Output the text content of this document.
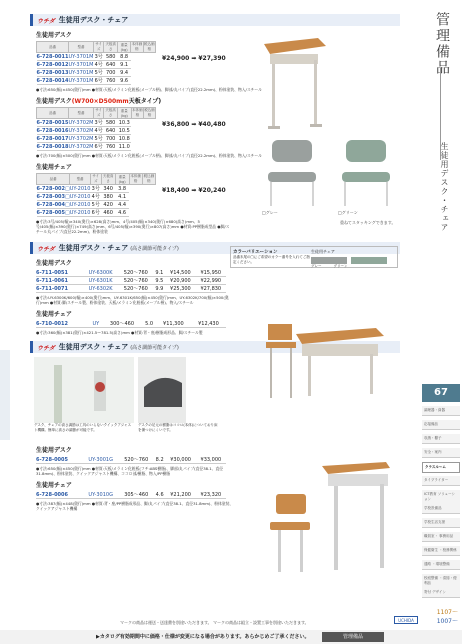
管理備品
生徒用デスク・チェア
67
調理器・資器
応接備品
収納・棚子
安全・案内
クラスルーム
タイプライター
ICT教育 ソリューション
学校設備品
学校生活支援
職員室・ 事務用品
保健衛生 ・校務関係
通路 ・環境整備
校庭整備 ・清掃・便利品
寄付 デザイン
1107～
1007～
ウチダ 生徒用デスク・チェア
生徒用デスク
品番	型番	サイズ	天板高さ	重量(kg)	本体価格	税込価格
6-728-0011	UY-3701M	3号	580	8.8		
6-728-0012	UY-3701M	4号	640	9.1		
6-728-0013	UY-3701M	5号	700	9.4		
6-728-0014	UY-3701M	6号	760	9.6		
¥24,900 ➡ ¥27,390
●寸法:650(幅)×450(奥行)mm ●材質:天板/メラミン化粧板(メープル柄)、脚部/丸パイプ(直径22.2mm)、粉体塗装、物入/スチール
生徒用デスク(W700×D500mm天板タイプ)
品番	型番	サイズ	天板高さ	重量(kg)	本体価格	税込価格
6-728-0015	UY-3702M	3号	580	10.3		
6-728-0016	UY-3702M	4号	640	10.5		
6-728-0017	UY-3702M	5号	700	10.8		
6-728-0018	UY-3702M	6号	760	11.0		
¥36,800 ➡ ¥40,480
●寸法:700(幅)×500(奥行)mm ●材質:天板/メラミン化粧板(メープル柄)、脚部/丸パイプ(直径22.2mm)、粉体塗装、物入/スチール
生徒用チェア
品番	型番	サイズ	天板高さ	重量(kg)	本体価格	税込価格
6-728-002□	UY-2010	3号	340	3.8		
6-728-003□	UY-2010	4号	380	4.1		
6-728-004□	UY-2010	5号	420	4.4		
6-728-005□	UY-2010	6号	460	4.6		
¥18,400 ➡ ¥20,240
●寸法:3号/405(幅)×340(奥行)×628(高さ)mm、4号/405(幅)×340(奥行)×680(高さ)mm、5号/405(幅)×390(奥行)×749(高さ)mm、6号/405(幅)×390(奥行)×807(高さ)mm ●材質:PP樹脂成型品 ●脚/スチール丸パイプ(直径22.2mm)、粉体塗装
ウチダ 生徒用デスク・チェア (高さ調節可能タイプ)
生徒用デスク
6-711-0051	UY-6300K	520～760	9.1	¥14,500	¥15,950
6-711-0061	UY-6301K	520～760	9.5	¥20,900	¥22,990
6-711-0071	UY-6302K	520～760	9.9	¥25,300	¥27,830
●寸法:UY-6300K/600(幅)×400(奥行)mm、UY-6301K/650(幅)×450(奥行)mm、UY-6302K/700(幅)×500(奥行)mm ●材質:脚/スチール製、粉体塗装、天板/メラミン化粧板(メープル柄)、物入/スチール
生徒用チェア
6-710-0012	UY	300～460	5.0	¥11,300	¥12,430
●寸法:360(幅)×381(奥行)×421.5～781.5(高さ)mm ●材質:背・座/樹脂成形品、脚/スチール製
ウチダ 生徒用デスク・チェア (高さ調節可能タイプ)
デスク、チェアの高さ調節は工具のいらないクイックアジャスト機構。簡単に高さの調節が可能です。
デスクの足元の樹脂はココロ(本体)についており床を傷つけにくいです。
生徒用デスク
6-728-0005	UY-3001G	520～760	8.2	¥30,000	¥33,000
●寸法:650(幅)×450(奥行)mm ●材質:天板/メラミン化粧板(フチ:ABS樹脂)、脚部/丸パイプ(直径38.1、直径31.8mm)、粉体塗装、クイックアジャスト機構、ココロ部/樹脂、物入/PP樹脂
生徒用チェア
6-728-0006	UY-3010G	305～460	4.6	¥21,200	¥23,320
●寸法:387(幅)×448(奥行)mm ●材質:背・座/PP樹脂成形品、脚/丸パイプ(直径38.1、直径31.8mm)、粉体塗装、クイックアジャスト機構
□グレー	□グリーン
重ねてスタッキングできます。
カラーバリエーション
品番末尾の□にご希望のカラー番号を入れてご指定ください。
生徒用チェア
グレー	グリーン
マークの商品は運送・送達費を別途いただきます。 マークの商品は組立・設置工事を別途いただきます。	UCHIDA
▶カタログ有効期間中に価格・仕様が変更になる場合があります。あらかじめご了承ください。	管理備品
